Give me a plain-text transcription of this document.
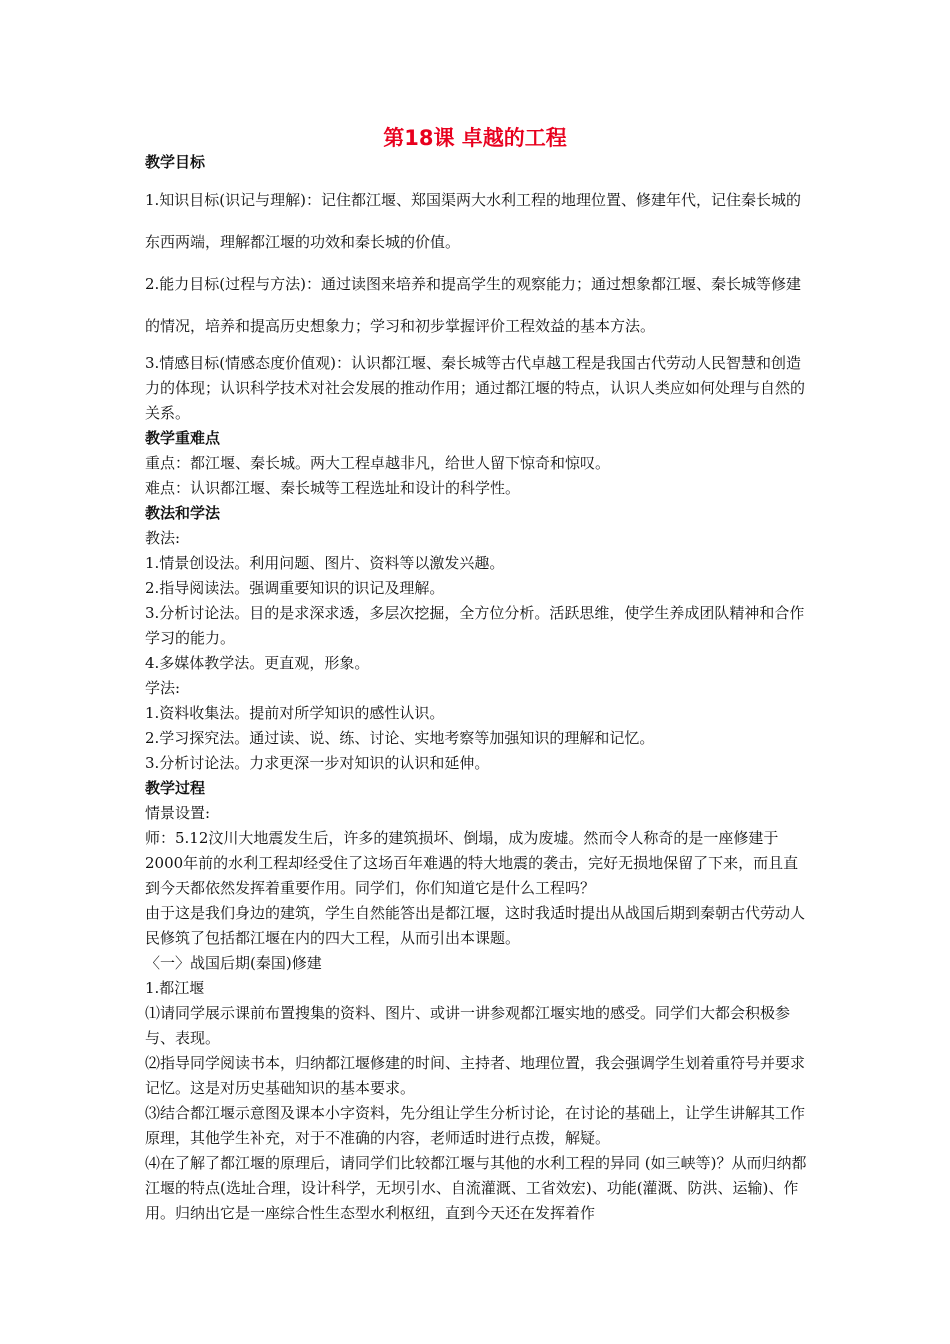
第18课 卓越的工程

教学目标

1.知识目标(识记与理解)：记住都江堰、郑国渠两大水利工程的地理位置、修建年代，记住秦长城的东西两端，理解都江堰的功效和秦长城的价值。

2.能力目标(过程与方法)：通过读图来培养和提高学生的观察能力；通过想象都江堰、秦长城等修建的情况，培养和提高历史想象力；学习和初步掌握评价工程效益的基本方法。

3.情感目标(情感态度价值观)：认识都江堰、秦长城等古代卓越工程是我国古代劳动人民智慧和创造力的体现；认识科学技术对社会发展的推动作用；通过都江堰的特点，认识人类应如何处理与自然的关系。

教学重难点

重点：都江堰、秦长城。两大工程卓越非凡，给世人留下惊奇和惊叹。

难点：认识都江堰、秦长城等工程选址和设计的科学性。

教法和学法

教法:

1.情景创设法。利用问题、图片、资料等以激发兴趣。

2.指导阅读法。强调重要知识的识记及理解。

3.分析讨论法。目的是求深求透，多层次挖掘，全方位分析。活跃思维，使学生养成团队精神和合作学习的能力。

4.多媒体教学法。更直观，形象。

学法:

1.资料收集法。提前对所学知识的感性认识。

2.学习探究法。通过读、说、练、讨论、实地考察等加强知识的理解和记忆。

3.分析讨论法。力求更深一步对知识的认识和延伸。

教学过程

情景设置:

师：5.12汶川大地震发生后，许多的建筑损坏、倒塌，成为废墟。然而令人称奇的是一座修建于2000年前的水利工程却经受住了这场百年难遇的特大地震的袭击，完好无损地保留了下来，而且直到今天都依然发挥着重要作用。同学们，你们知道它是什么工程吗？

由于这是我们身边的建筑，学生自然能答出是都江堰，这时我适时提出从战国后期到秦朝古代劳动人民修筑了包括都江堰在内的四大工程，从而引出本课题。

〈一〉战国后期(秦国)修建

1.都江堰

⑴请同学展示课前布置搜集的资料、图片、或讲一讲参观都江堰实地的感受。同学们大都会积极参与、表现。

⑵指导同学阅读书本，归纳都江堰修建的时间、主持者、地理位置，我会强调学生划着重符号并要求记忆。这是对历史基础知识的基本要求。

⑶结合都江堰示意图及课本小字资料，先分组让学生分析讨论，在讨论的基础上，让学生讲解其工作原理，其他学生补充，对于不准确的内容，老师适时进行点拨，解疑。

⑷在了解了都江堰的原理后，请同学们比较都江堰与其他的水利工程的异同 (如三峡等)？从而归纳都江堰的特点(选址合理，设计科学，无坝引水、自流灌溉、工省效宏)、功能(灌溉、防洪、运输)、作用。归纳出它是一座综合性生态型水利枢纽，直到今天还在发挥着作
